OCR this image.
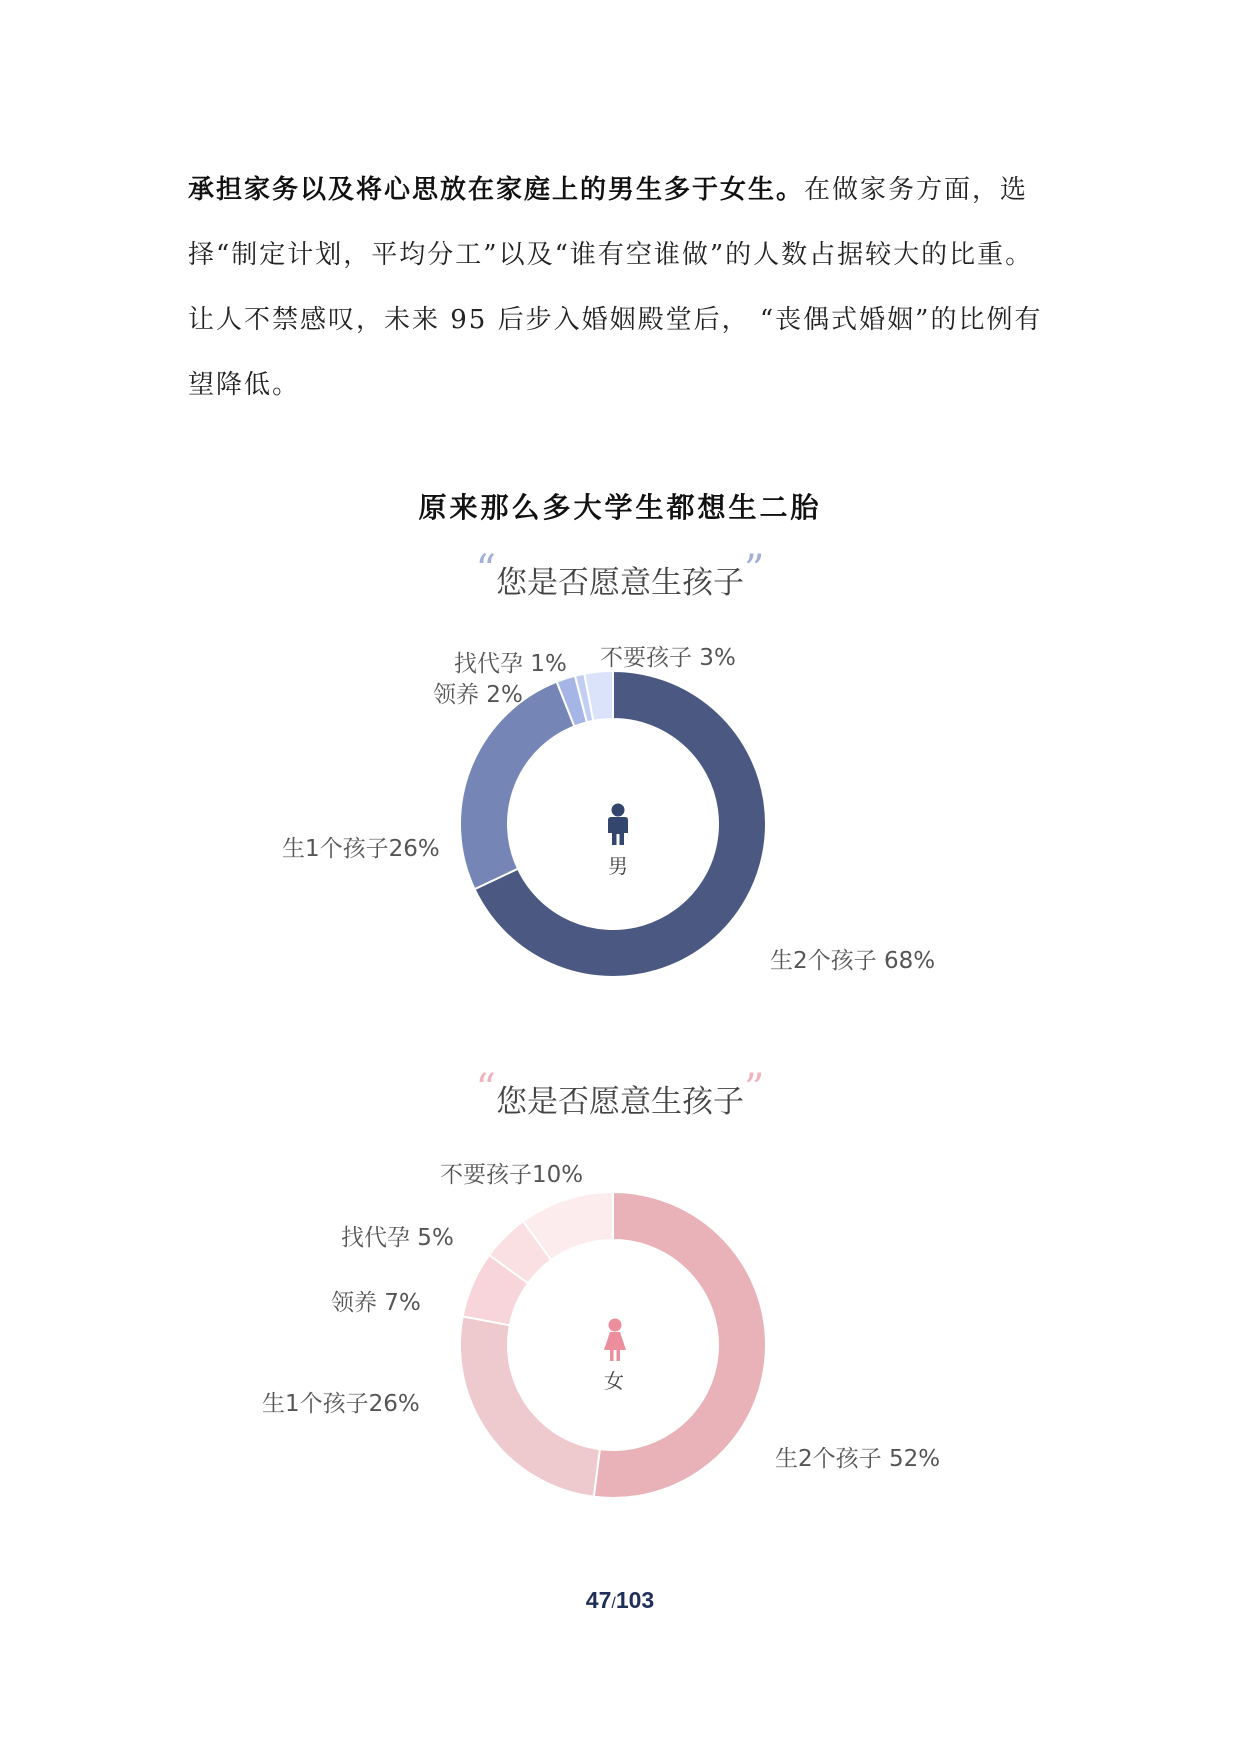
承担家务以及将心思放在家庭上的男生多于女生。在做家务方面，选择“制定计划，平均分工”以及“谁有空谁做”的人数占据较大的比重。让人不禁感叹，未来 95 后步入婚姻殿堂后， “丧偶式婚姻”的比例有望降低。
原来那么多大学生都想生二胎
“您是否愿意生孩子”
生2个孩子 68%
生1个孩子26%
领养 2%
找代孕 1% 不要孩子 3%
男
“您是否愿意生孩子”
生2个孩子 52%
生1个孩子26%
领养 7%
找代孕 5%
不要孩子10%
女
47/103
